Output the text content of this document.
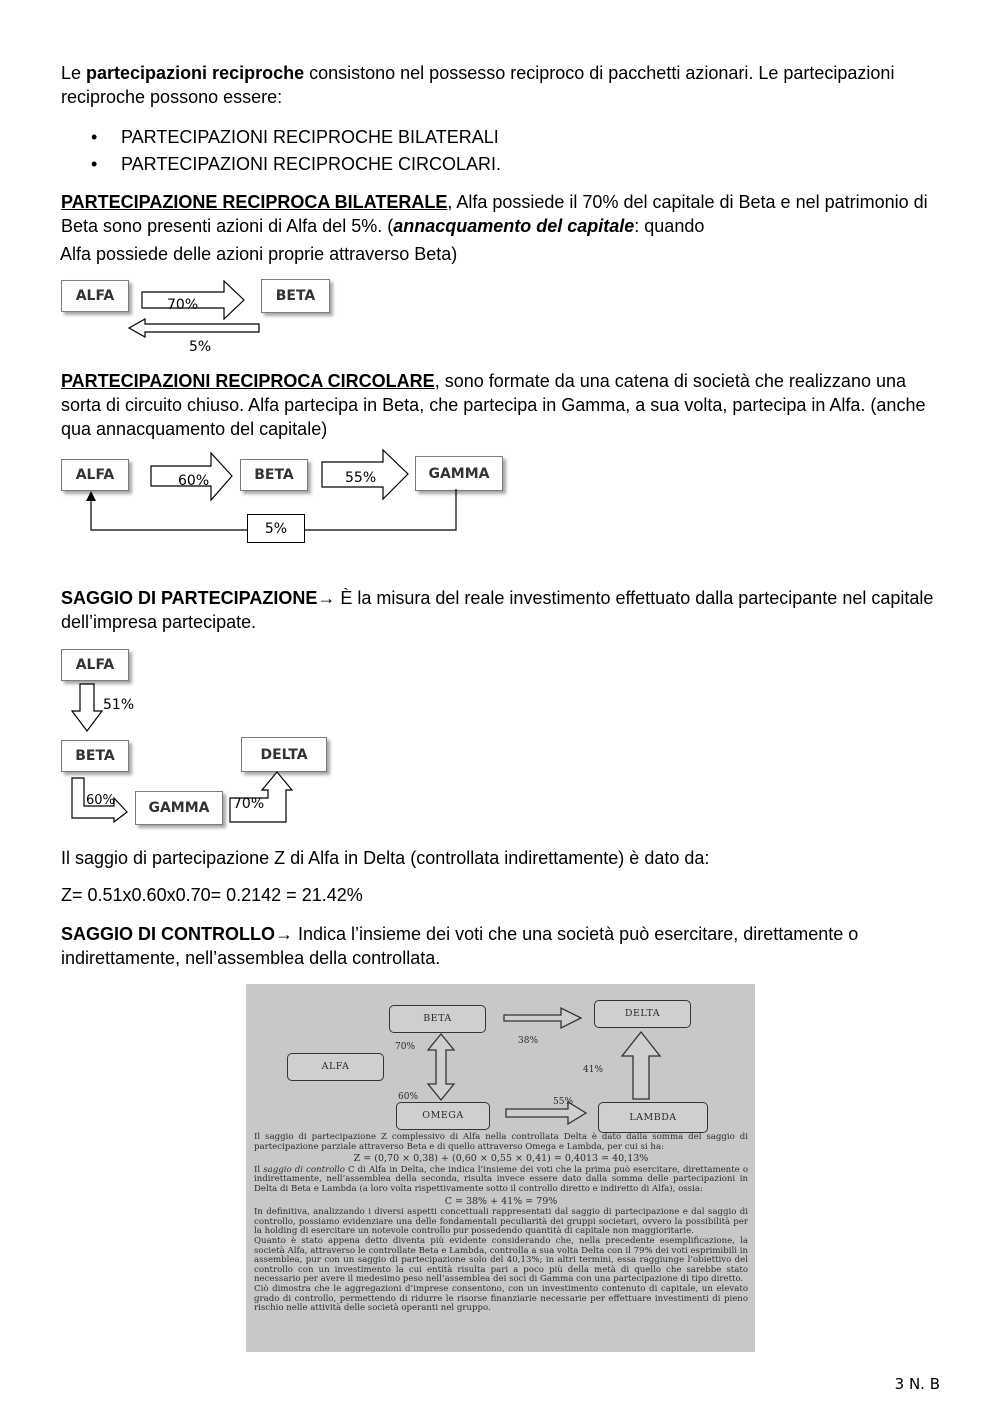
Le partecipazioni reciproche consistono nel possesso reciproco di pacchetti azionari. Le partecipazioni reciproche possono essere:

• PARTECIPAZIONI RECIPROCHE BILATERALI
• PARTECIPAZIONI RECIPROCHE CIRCOLARI.

PARTECIPAZIONE RECIPROCA BILATERALE, Alfa possiede il 70% del capitale di Beta e nel patrimonio di Beta sono presenti azioni di Alfa del 5%. (annacquamento del capitale: quando

Alfa possiede delle azioni proprie attraverso Beta)

ALFA	BETA
70%
5%

PARTECIPAZIONI RECIPROCA CIRCOLARE, sono formate da una catena di società che realizzano una sorta di circuito chiuso. Alfa partecipa in Beta, che partecipa in Gamma, a sua volta, partecipa in Alfa. (anche qua annacquamento del capitale)

ALFA	BETA	GAMMA
60%	55%
5%

SAGGIO DI PARTECIPAZIONE→ È la misura del reale investimento effettuato dalla partecipante nel capitale dell’impresa partecipate.

ALFA
51%
BETA	DELTA
GAMMA
60%	70%

Il saggio di partecipazione Z di Alfa in Delta (controllata indirettamente) è dato da:

Z= 0.51x0.60x0.70= 0.2142 = 21.42%

SAGGIO DI CONTROLLO→ Indica l’insieme dei voti che una società può esercitare, direttamente o indirettamente, nell’assemblea della controllata.

BETA	DELTA
ALFA
OMEGA	LAMBDA
70%
38%
41%
60%	55%

Il saggio di partecipazione Z complessivo di Alfa nella controllata Delta è dato dalla somma del saggio di partecipazione parziale attraverso Beta e di quello attraverso Omega e Lambda, per cui si ha:

Z = (0,70 × 0,38) + (0,60 × 0,55 × 0,41) = 0,4013 = 40,13%

Il saggio di controllo C di Alfa in Delta, che indica l’insieme dei voti che la prima può esercitare, direttamente o indirettamente, nell’assemblea della seconda, risulta invece essere dato dalla somma delle partecipazioni in Delta di Beta e Lambda (a loro volta rispettivamente sotto il controllo diretto e indiretto di Alfa), ossia:

C = 38% + 41% = 79%

In definitiva, analizzando i diversi aspetti concettuali rappresentati dal saggio di partecipazione e dal saggio di controllo, possiamo evidenziare una delle fondamentali peculiarità dei gruppi societari, ovvero la possibilità per la holding di esercitare un notevole controllo pur possedendo quantità di capitale non maggioritarie.

Quanto è stato appena detto diventa più evidente considerando che, nella precedente esemplificazione, la società Alfa, attraverso le controllate Beta e Lambda, controlla a sua volta Delta con il 79% dei voti esprimibili in assemblea, pur con un saggio di partecipazione solo del 40,13%; in altri termini, essa raggiunge l’obiettivo del controllo con un investimento la cui entità risulta pari a poco più della metà di quello che sarebbe stato necessario per avere il medesimo peso nell’assemblea dei soci di Gamma con una partecipazione di tipo diretto.

Ciò dimostra che le aggregazioni d’imprese consentono, con un investimento contenuto di capitale, un elevato grado di controllo, permettendo di ridurre le risorse finanziarie necessarie per effettuare investimenti di pieno rischio nelle attività delle società operanti nel gruppo.

3 N. B
